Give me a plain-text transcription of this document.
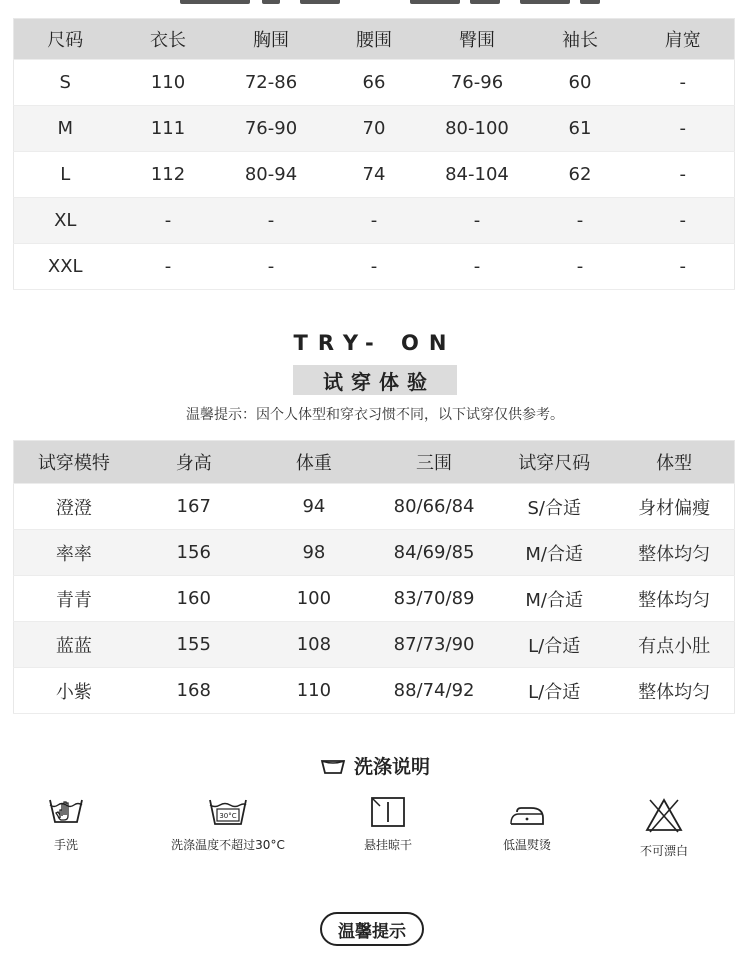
尺码	衣长	胸围	腰围	臀围	袖长	肩宽
S	110	72-86	66	76-96	60	-
M	111	76-90	70	80-100	61	-
L	112	80-94	74	84-104	62	-
XL	-	-	-	-	-	-
XXL	-	-	-	-	-	-
TRY- ON
试穿体验
温馨提示：因个人体型和穿衣习惯不同，以下试穿仅供参考。
试穿模特	身高	体重	三围	试穿尺码	体型
澄澄	167	94	80/66/84	S/合适	身材偏瘦
率率	156	98	84/69/85	M/合适	整体均匀
青青	160	100	83/70/89	M/合适	整体均匀
蓝蓝	155	108	87/73/90	L/合适	有点小肚
小紫	168	110	88/74/92	L/合适	整体均匀
洗涤说明
手洗
30°C
洗涤温度不超过30°C	悬挂晾干	低温熨烫	不可漂白
温馨提示
